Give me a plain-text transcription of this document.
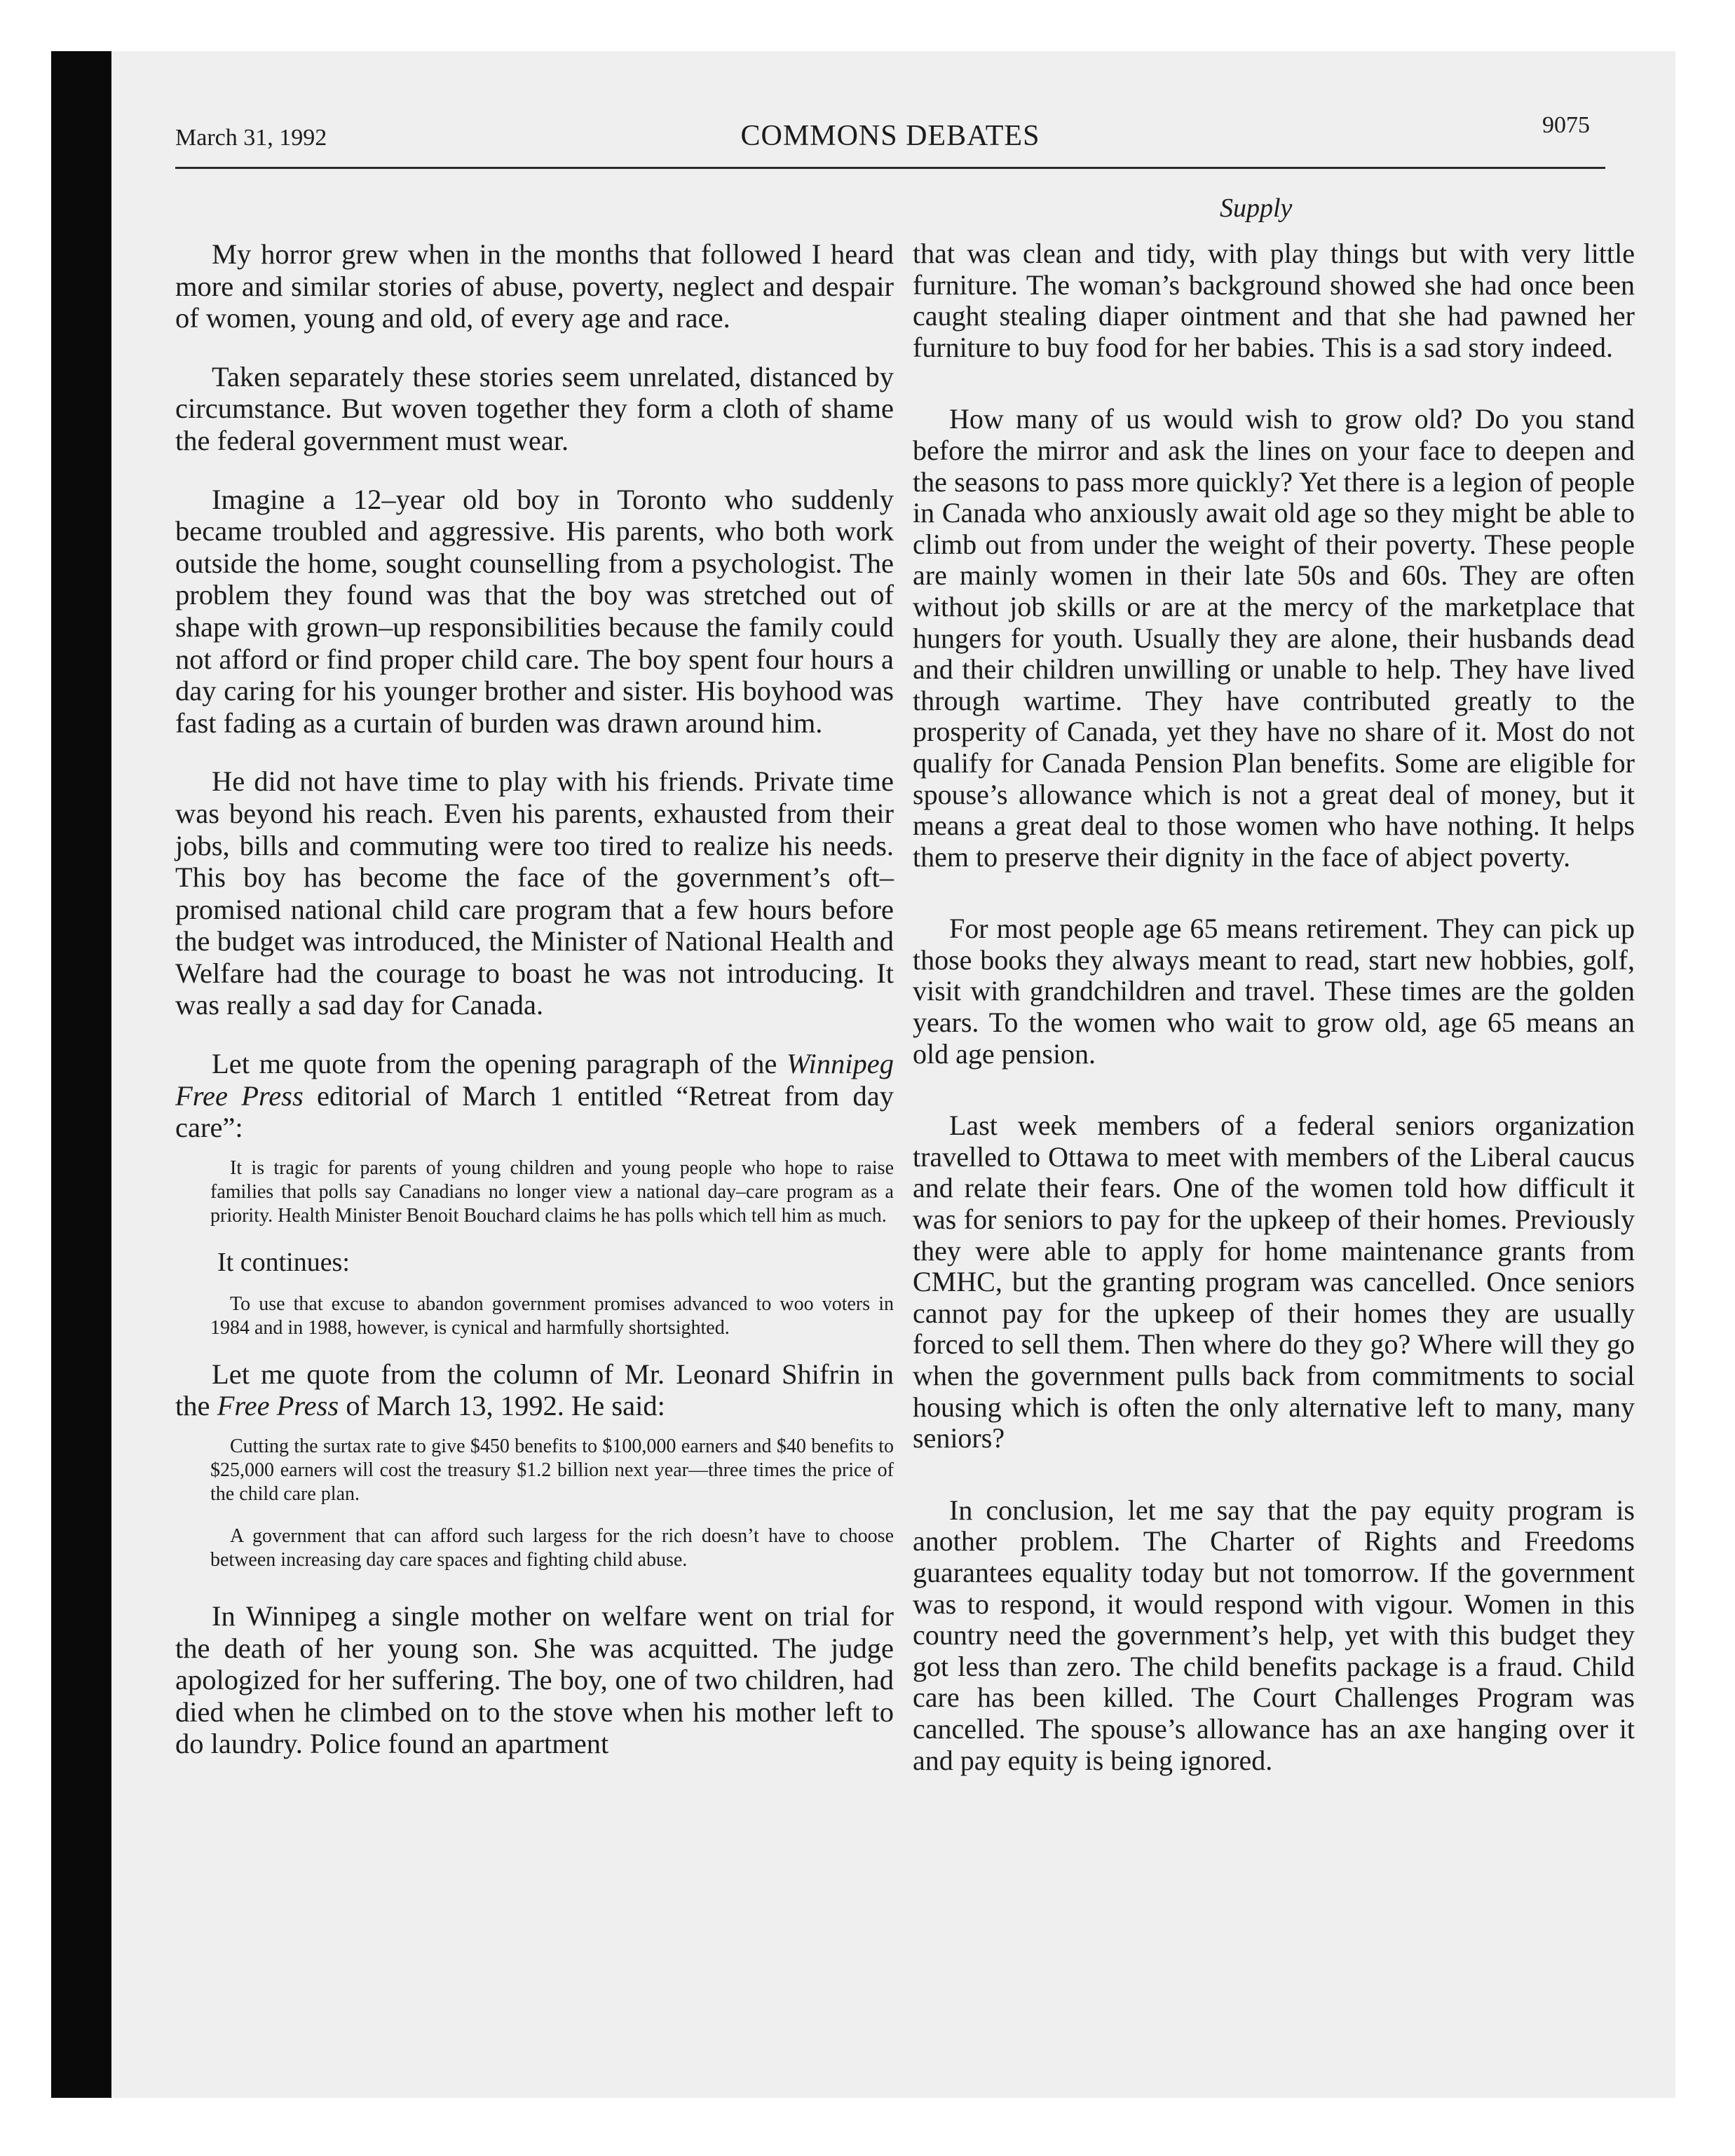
March 31, 1992	COMMONS DEBATES	9075
Supply

My horror grew when in the months that followed I heard more and similar stories of abuse, poverty, neglect and despair of women, young and old, of every age and race.

Taken separately these stories seem unrelated, distanced by circumstance. But woven together they form a cloth of shame the federal government must wear.

Imagine a 12–year old boy in Toronto who suddenly became troubled and aggressive. His parents, who both work outside the home, sought counselling from a psychologist. The problem they found was that the boy was stretched out of shape with grown–up responsibilities because the family could not afford or find proper child care. The boy spent four hours a day caring for his younger brother and sister. His boyhood was fast fading as a curtain of burden was drawn around him.

He did not have time to play with his friends. Private time was beyond his reach. Even his parents, exhausted from their jobs, bills and commuting were too tired to realize his needs. This boy has become the face of the government’s oft–promised national child care program that a few hours before the budget was introduced, the Minister of National Health and Welfare had the courage to boast he was not introducing. It was really a sad day for Canada.

Let me quote from the opening paragraph of the Winnipeg Free Press editorial of March 1 entitled “Retreat from day care”:

It is tragic for parents of young children and young people who hope to raise families that polls say Canadians no longer view a national day–care program as a priority. Health Minister Benoit Bouchard claims he has polls which tell him as much.

It continues:

To use that excuse to abandon government promises advanced to woo voters in 1984 and in 1988, however, is cynical and harmfully shortsighted.

Let me quote from the column of Mr. Leonard Shifrin in the Free Press of March 13, 1992. He said:

Cutting the surtax rate to give $450 benefits to $100,000 earners and $40 benefits to $25,000 earners will cost the treasury $1.2 billion next year—three times the price of the child care plan.

A government that can afford such largess for the rich doesn’t have to choose between increasing day care spaces and fighting child abuse.

In Winnipeg a single mother on welfare went on trial for the death of her young son. She was acquitted. The judge apologized for her suffering. The boy, one of two children, had died when he climbed on to the stove when his mother left to do laundry. Police found an apartment

that was clean and tidy, with play things but with very little furniture. The woman’s background showed she had once been caught stealing diaper ointment and that she had pawned her furniture to buy food for her babies. This is a sad story indeed.

How many of us would wish to grow old? Do you stand before the mirror and ask the lines on your face to deepen and the seasons to pass more quickly? Yet there is a legion of people in Canada who anxiously await old age so they might be able to climb out from under the weight of their poverty. These people are mainly women in their late 50s and 60s. They are often without job skills or are at the mercy of the marketplace that hungers for youth. Usually they are alone, their husbands dead and their children unwilling or unable to help. They have lived through wartime. They have contributed greatly to the prosperity of Canada, yet they have no share of it. Most do not qualify for Canada Pension Plan benefits. Some are eligible for spouse’s allowance which is not a great deal of money, but it means a great deal to those women who have nothing. It helps them to preserve their dignity in the face of abject poverty.

For most people age 65 means retirement. They can pick up those books they always meant to read, start new hobbies, golf, visit with grandchildren and travel. These times are the golden years. To the women who wait to grow old, age 65 means an old age pension.

Last week members of a federal seniors organization travelled to Ottawa to meet with members of the Liberal caucus and relate their fears. One of the women told how difficult it was for seniors to pay for the upkeep of their homes. Previously they were able to apply for home maintenance grants from CMHC, but the granting program was cancelled. Once seniors cannot pay for the upkeep of their homes they are usually forced to sell them. Then where do they go? Where will they go when the government pulls back from commitments to social housing which is often the only alternative left to many, many seniors?

In conclusion, let me say that the pay equity program is another problem. The Charter of Rights and Freedoms guarantees equality today but not tomorrow. If the government was to respond, it would respond with vigour. Women in this country need the government’s help, yet with this budget they got less than zero. The child benefits package is a fraud. Child care has been killed. The Court Challenges Program was cancelled. The spouse’s allowance has an axe hanging over it and pay equity is being ignored.
